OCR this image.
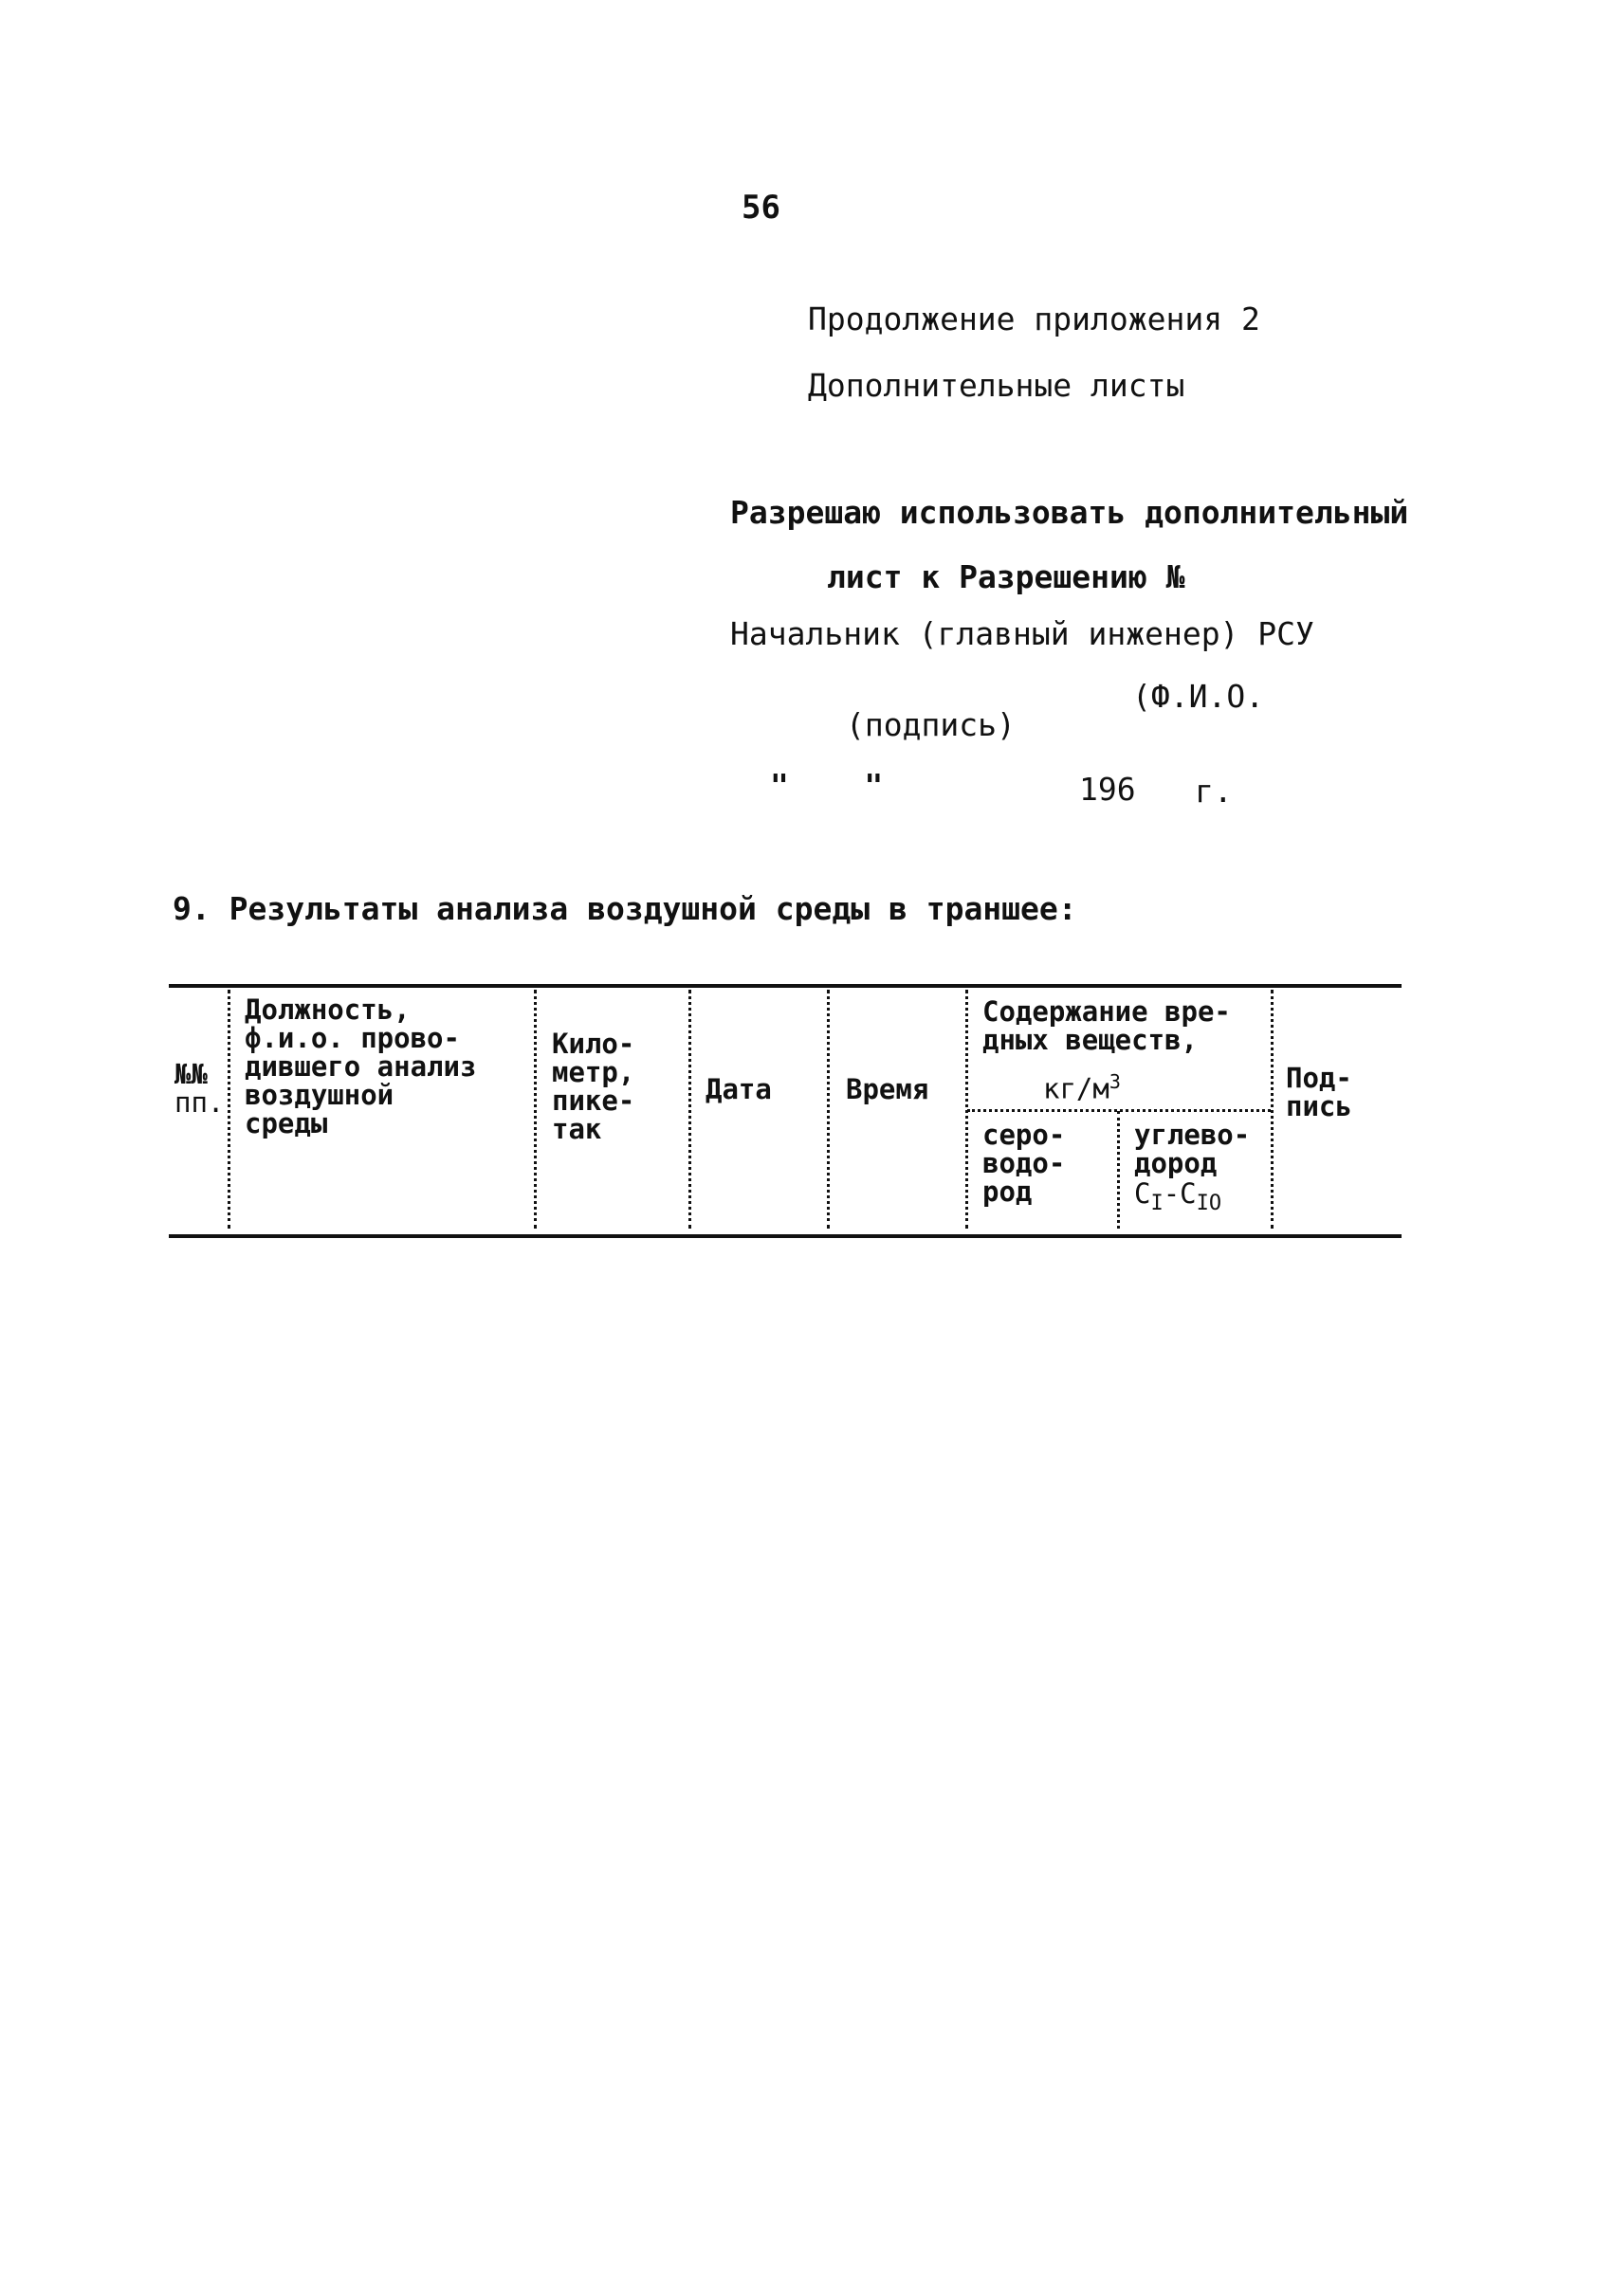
56
Продолжение приложения 2
Дополнительные листы
Разрешаю использовать дополнительный
лист к Разрешению №
Начальник (главный инженер) РСУ
(Ф.И.О.
(подпись)
"    "	196 г.
9. Результаты анализа воздушной среды в траншее:
№№
пп.
Должность,
ф.и.о. прово-
дившего анализ
воздушной
среды
Кило-
метр,
пике-
так
Дата	Время
Содержание вре-
дных веществ,
$кг/м^3$
серо-
водо-
род
углево-
дород
$C_I-C_{IO}$
Под-
пись
